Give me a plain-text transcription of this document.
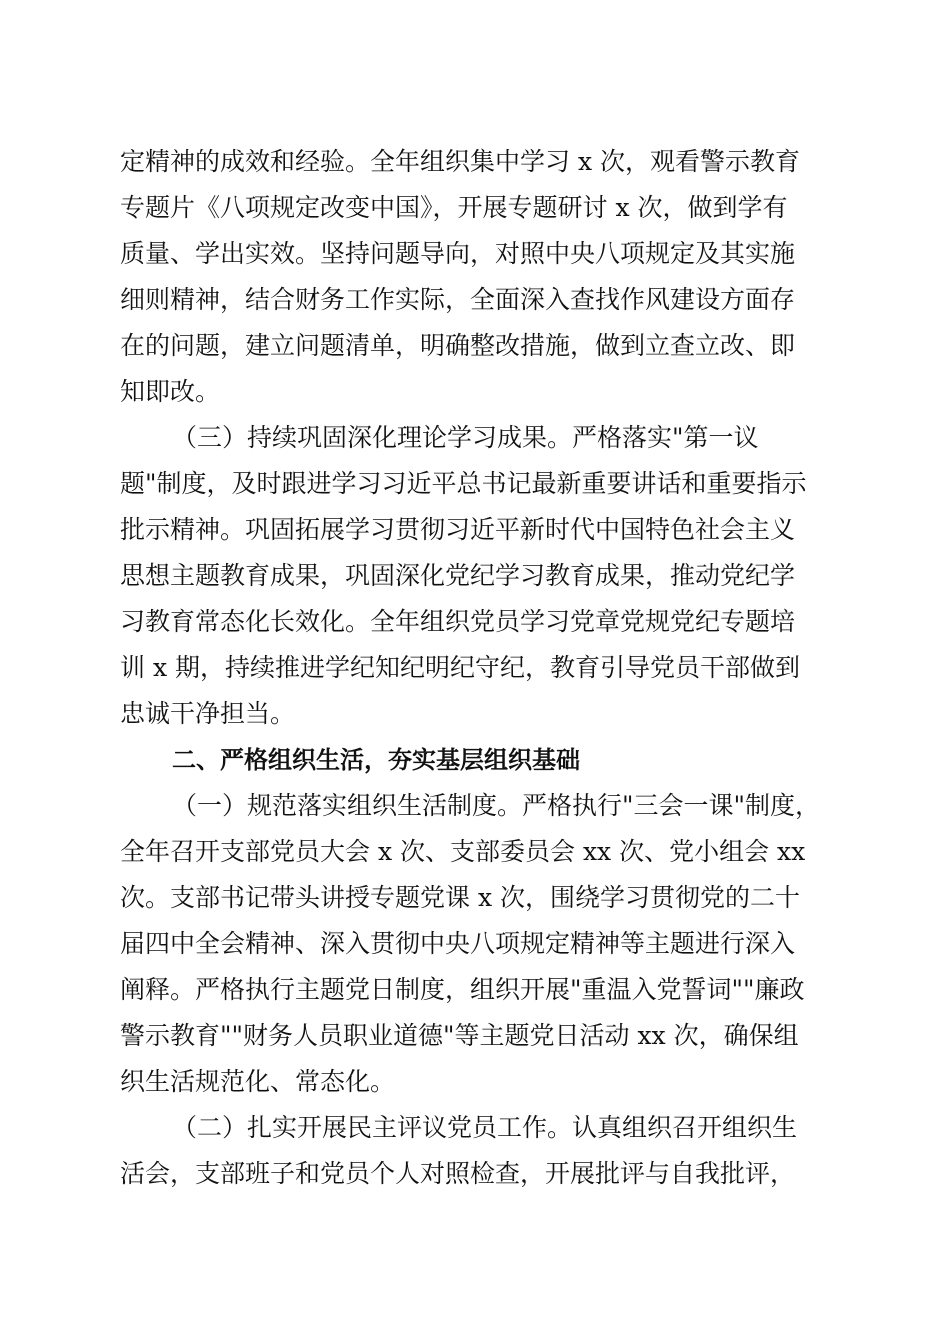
定精神的成效和经验。全年组织集中学习 x 次，观看警示教育
专题片《八项规定改变中国》，开展专题研讨 x 次，做到学有
质量、学出实效。坚持问题导向，对照中央八项规定及其实施
细则精神，结合财务工作实际，全面深入查找作风建设方面存
在的问题，建立问题清单，明确整改措施，做到立查立改、即
知即改。
（三）持续巩固深化理论学习成果。严格落实"第一议
题"制度，及时跟进学习习近平总书记最新重要讲话和重要指示
批示精神。巩固拓展学习贯彻习近平新时代中国特色社会主义
思想主题教育成果，巩固深化党纪学习教育成果，推动党纪学
习教育常态化长效化。全年组织党员学习党章党规党纪专题培
训 x 期，持续推进学纪知纪明纪守纪，教育引导党员干部做到
忠诚干净担当。
二、严格组织生活，夯实基层组织基础
（一）规范落实组织生活制度。严格执行"三会一课"制度，
全年召开支部党员大会 x 次、支部委员会 xx 次、党小组会 xx
次。支部书记带头讲授专题党课 x 次，围绕学习贯彻党的二十
届四中全会精神、深入贯彻中央八项规定精神等主题进行深入
阐释。严格执行主题党日制度，组织开展"重温入党誓词""廉政
警示教育""财务人员职业道德"等主题党日活动 xx 次，确保组
织生活规范化、常态化。
（二）扎实开展民主评议党员工作。认真组织召开组织生
活会，支部班子和党员个人对照检查，开展批评与自我批评，
